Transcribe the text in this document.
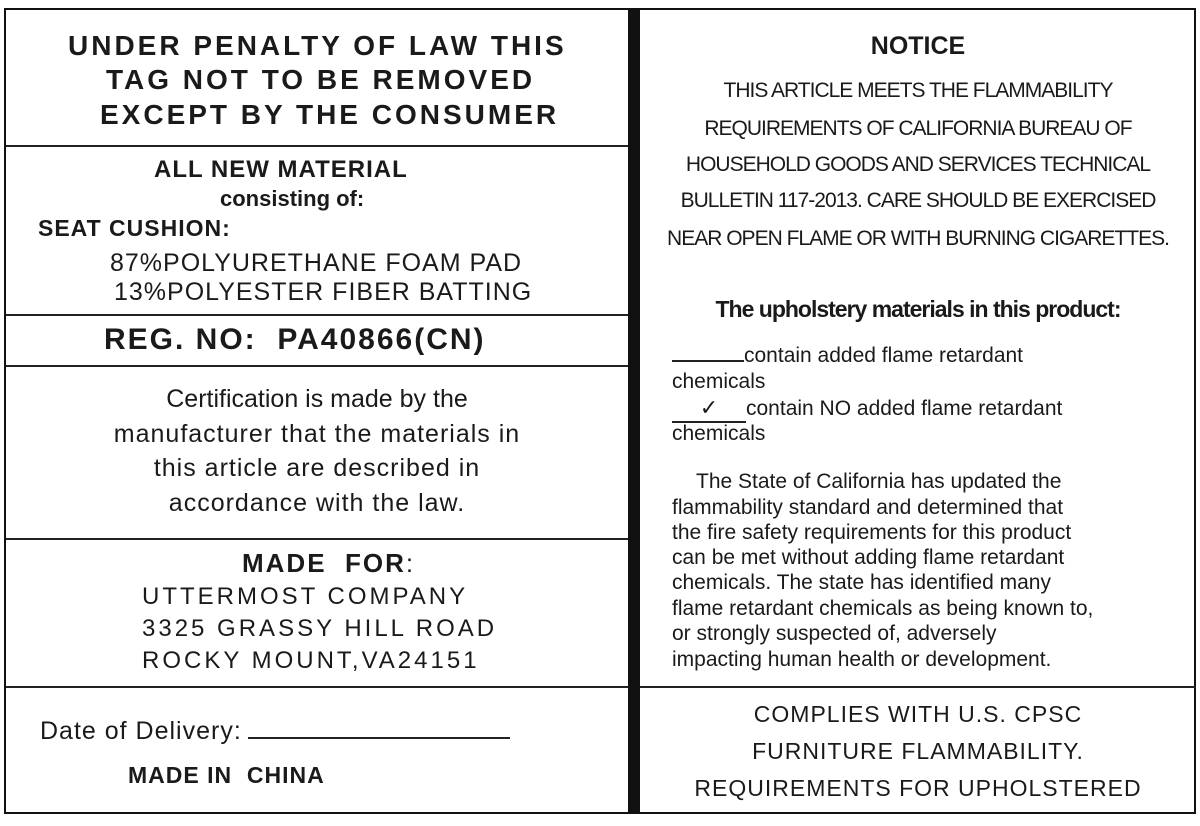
UNDER PENALTY OF LAW THIS
TAG NOT TO BE REMOVED
EXCEPT BY THE CONSUMER
ALL NEW MATERIAL
consisting of:
SEAT CUSHION:
87%POLYURETHANE FOAM PAD
13%POLYESTER FIBER BATTING
REG. NO:  PA40866(CN)
Certification is made by the
manufacturer that the materials in
this article are described in
accordance with the law.
MADE  FOR:
UTTERMOST COMPANY
3325 GRASSY HILL ROAD
ROCKY MOUNT,VA24151
Date of Delivery:
MADE IN  CHINA
NOTICE
THIS ARTICLE MEETS THE FLAMMABILITY
REQUIREMENTS OF CALIFORNIA BUREAU OF
HOUSEHOLD GOODS AND SERVICES TECHNICAL
BULLETIN 117-2013. CARE SHOULD BE EXERCISED
NEAR OPEN FLAME OR WITH BURNING CIGARETTES.
The upholstery materials in this product:
contain added flame retardant
chemicals
✓ contain NO added flame retardant
chemicals
The State of California has updated the
flammability standard and determined that
the fire safety requirements for this product
can be met without adding flame retardant
chemicals. The state has identified many
flame retardant chemicals as being known to,
or strongly suspected of, adversely
impacting human health or development.
COMPLIES WITH U.S. CPSC
FURNITURE FLAMMABILITY.
REQUIREMENTS FOR UPHOLSTERED
